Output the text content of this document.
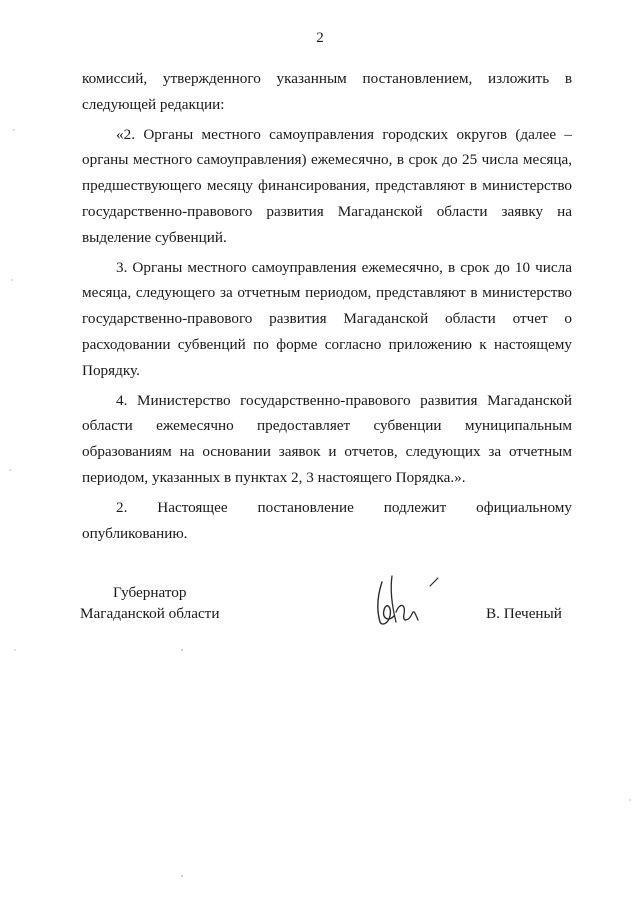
2

комиссий, утвержденного указанным постановлением, изложить в следующей редакции:

«2. Органы местного самоуправления городских округов (далее – органы местного самоуправления) ежемесячно, в срок до 25 числа месяца, предшествующего месяцу финансирования, представляют в министерство государственно-правового развития Магаданской области заявку на выделение субвенций.

3. Органы местного самоуправления ежемесячно, в срок до 10 числа месяца, следующего за отчетным периодом, представляют в министерство государственно-правового развития Магаданской области отчет о расходовании субвенций по форме согласно приложению к настоящему Порядку.

4. Министерство государственно-правового развития Магаданской области ежемесячно предоставляет субвенции муниципальным образованиям на основании заявок и отчетов, следующих за отчетным периодом, указанных в пунктах 2, 3 настоящего Порядка.».

2. Настоящее постановление подлежит официальному опубликованию.

Губернатор
Магаданской области	В. Печеный
